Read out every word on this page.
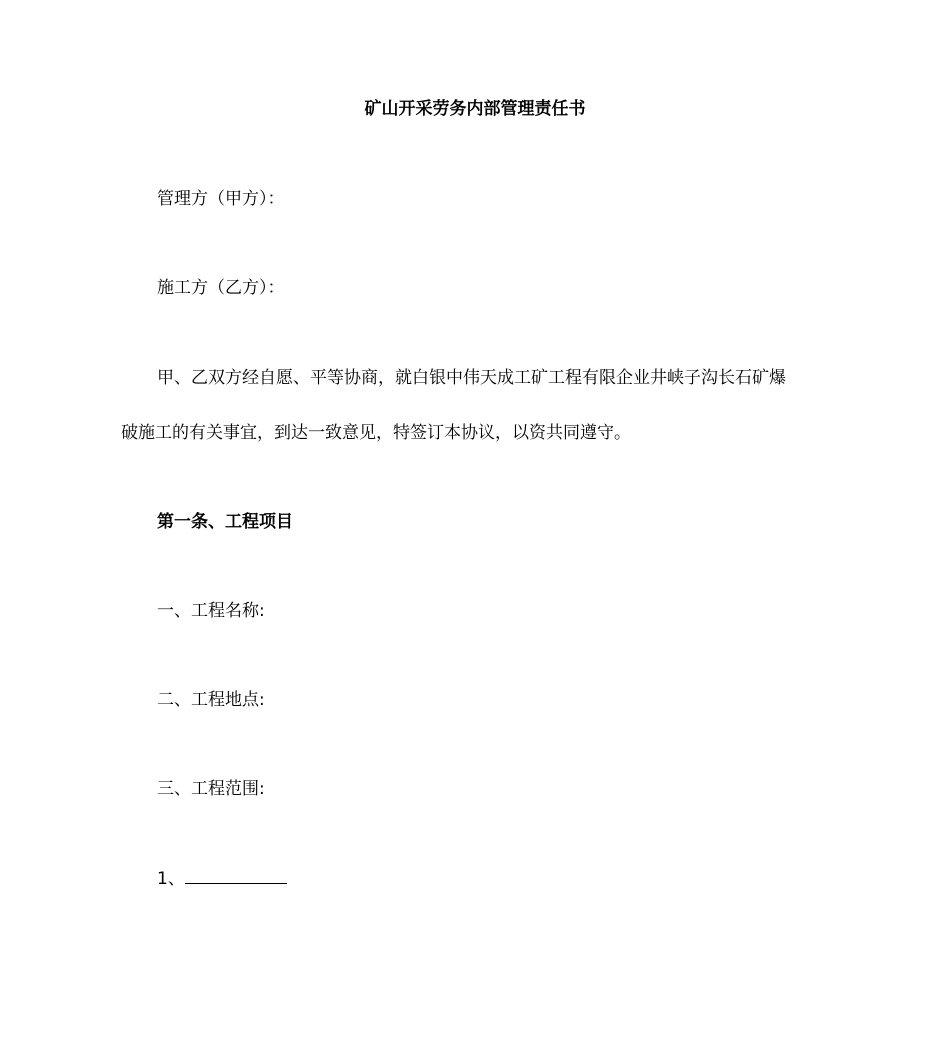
矿山开采劳务内部管理责任书
管理方（甲方）：
施工方（乙方）：
甲、乙双方经自愿、平等协商，就白银中伟天成工矿工程有限企业井峡子沟长石矿爆
破施工的有关事宜，到达一致意见，特签订本协议，以资共同遵守。
第一条、工程项目
一、工程名称:
二、工程地点:
三、工程范围:
1、
